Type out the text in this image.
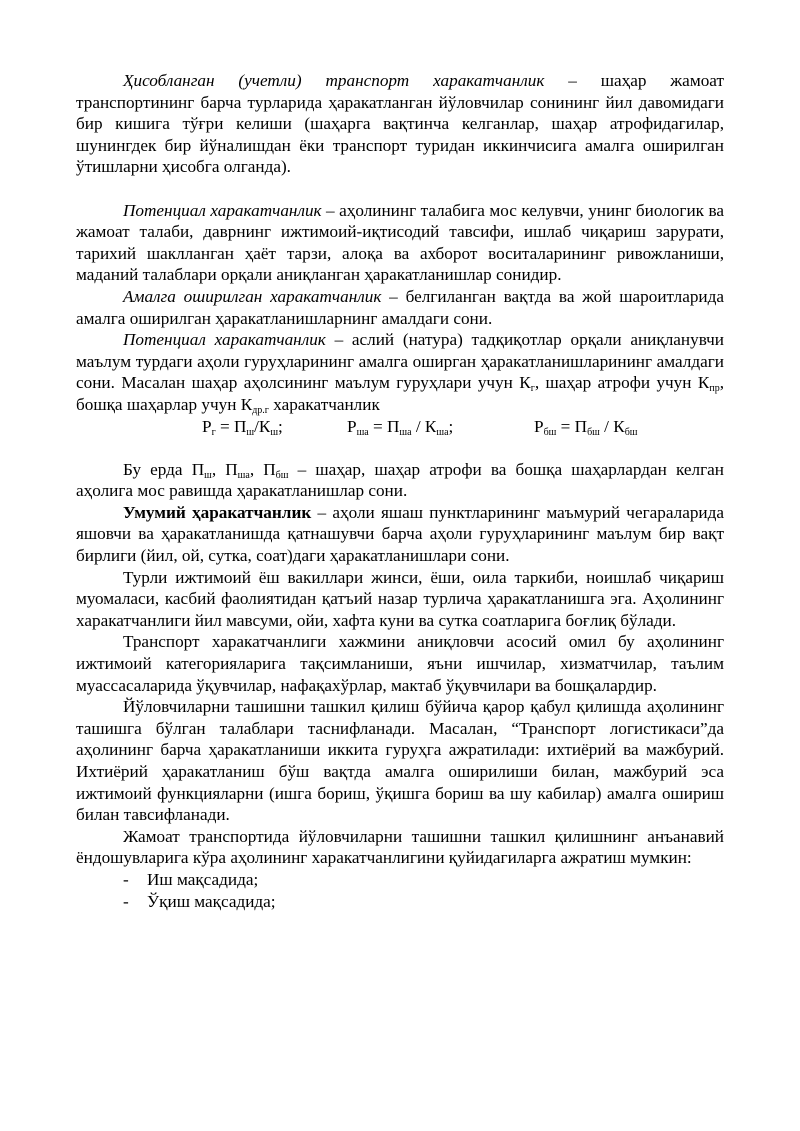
Ҳисобланган (учетли) транспорт харакатчанлик – шаҳар жамоат транспортининг барча турларида ҳаракатланган йўловчилар сонининг йил давомидаги бир кишига тўғри келиши (шаҳарга вақтинча келганлар, шаҳар атрофидагилар, шунингдек бир йўналишдан ёки транспорт туридан иккинчисига амалга оширилган ўтишларни ҳисобга олганда).

Потенциал харакатчанлик – аҳолининг талабига мос келувчи, унинг биологик ва жамоат талаби, даврнинг ижтимоий-иқтисодий тавсифи, ишлаб чиқариш зарурати, тарихий шаклланган ҳаёт тарзи, алоқа ва ахборот воситаларининг ривожланиши, маданий талаблари орқали аниқланган ҳаракатланишлар сонидир.

Амалга оширилган харакатчанлик – белгиланган вақтда ва жой шароитларида амалга оширилган ҳаракатланишларнинг амалдаги сони.

Потенциал харакатчанлик – аслий (натура) тадқиқотлар орқали аниқланувчи маълум турдаги аҳоли гуруҳларининг амалга оширган ҳаракатланишларининг амалдаги сони. Масалан шаҳар аҳолсининг маълум гуруҳлари учун $К_г$, шаҳар атрофи учун $К_{пр}$, бошқа шаҳарлар учун $К_{др.г}$ харакатчанлик

$Р_г = П_ш/К_ш$;	$Р_{ша} = П_{ша} / К_{ша}$;	$Р_{бш} = П_{бш} / К_{бш}$

Бу ерда $П_ш$, $П_{ша}$, $П_{бш}$ – шаҳар, шаҳар атрофи ва бошқа шаҳарлардан келган аҳолига мос равишда ҳаракатланишлар сони.

Умумий ҳаракатчанлик – аҳоли яшаш пунктларининг маъмурий чегараларида яшовчи ва ҳаракатланишда қатнашувчи барча аҳоли гуруҳларининг маълум бир вақт бирлиги (йил, ой, сутка, соат)даги ҳаракатланишлари сони.

Турли ижтимоий ёш вакиллари жинси, ёши, оила таркиби, ноишлаб чиқариш муомаласи, касбий фаолиятидан қатъий назар турлича ҳаракатланишга эга. Аҳолининг харакатчанлиги йил мавсуми, ойи, хафта куни ва сутка соатларига боғлиқ бўлади.

Транспорт харакатчанлиги хажмини аниқловчи асосий омил бу аҳолининг ижтимоий категорияларига тақсимланиши, яъни ишчилар, хизматчилар, таълим муассасаларида ўқувчилар, нафақахўрлар, мактаб ўқувчилари ва бошқалардир.

Йўловчиларни ташишни ташкил қилиш бўйича қарор қабул қилишда аҳолининг ташишга бўлган талаблари таснифланади. Масалан, “Транспорт логистикаси”да аҳолининг барча ҳаракатланиши иккита гуруҳга ажратилади: ихтиёрий ва мажбурий. Ихтиёрий ҳаракатланиш бўш вақтда амалга оширилиши билан, мажбурий эса ижтимоий функцияларни (ишга бориш, ўқишга бориш ва шу кабилар) амалга ошириш билан тавсифланади.

Жамоат транспортида йўловчиларни ташишни ташкил қилишнинг анъанавий ёндошувларига кўра аҳолининг харакатчанлигини қуйидагиларга ажратиш мумкин:

-	Иш мақсадида;
-	Ўқиш мақсадида;
